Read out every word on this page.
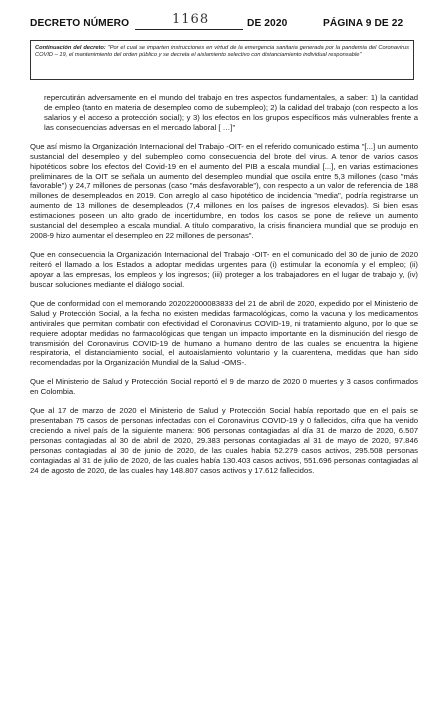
DECRETO NÚMERO	1168	DE 2020	PÁGINA 9 DE 22
Continuación del decreto: "Por el cual se imparten instrucciones en virtud de la emergencia sanitaria generada por la pandemia del Coronavirus COVID – 19, el mantenimiento del orden público y se decreta el aislamiento selectivo con distanciamiento individual responsable"

repercutirán adversamente en el mundo del trabajo en tres aspectos fundamentales, a saber: 1) la cantidad de empleo (tanto en materia de desempleo como de subempleo); 2) la calidad del trabajo (con respecto a los salarios y el acceso a protección social); y 3) los efectos en los grupos específicos más vulnerables frente a las consecuencias adversas en el mercado laboral [ …]"

Que así mismo la Organización Internacional del Trabajo -OIT- en el referido comunicado estima "[...] un aumento sustancial del desempleo y del subempleo como consecuencia del brote del virus. A tenor de varios casos hipotéticos sobre los efectos del Covid-19 en el aumento del PIB a escala mundial [...], en varias estimaciones preliminares de la OIT se señala un aumento del desempleo mundial que oscila entre 5,3 millones (caso "más favorable") y 24,7 millones de personas (caso "más desfavorable"), con respecto a un valor de referencia de 188 millones de desempleados en 2019. Con arreglo al caso hipotético de incidencia "media", podría registrarse un aumento de 13 millones de desempleados (7,4 millones en los países de ingresos elevados). Si bien esas estimaciones poseen un alto grado de incertidumbre, en todos los casos se pone de relieve un aumento sustancial del desempleo a escala mundial. A título comparativo, la crisis financiera mundial que se produjo en 2008-9 hizo aumentar el desempleo en 22 millones de personas".

Que en consecuencia la Organización Internacional del Trabajo -OIT- en el comunicado del 30 de junio de 2020 reiteró el llamado a los Estados a adoptar medidas urgentes para (i) estimular la economía y el empleo; (ii) apoyar a las empresas, los empleos y los ingresos; (iii) proteger a los trabajadores en el lugar de trabajo y, (iv) buscar soluciones mediante el diálogo social.

Que de conformidad con el memorando 202022000083833 del 21 de abril de 2020, expedido por el Ministerio de Salud y Protección Social, a la fecha no existen medidas farmacológicas, como la vacuna y los medicamentos antivirales que permitan combatir con efectividad el Coronavirus COVID-19, ni tratamiento alguno, por lo que se requiere adoptar medidas no farmacológicas que tengan un impacto importante en la disminución del riesgo de transmisión del Coronavirus COVID-19 de humano a humano dentro de las cuales se encuentra la higiene respiratoria, el distanciamiento social, el autoaislamiento voluntario y la cuarentena, medidas que han sido recomendadas por la Organización Mundial de la Salud -OMS-.

Que el Ministerio de Salud y Protección Social reportó el 9 de marzo de 2020 0 muertes y 3 casos confirmados en Colombia.

Que al 17 de marzo de 2020 el Ministerio de Salud y Protección Social había reportado que en el país se presentaban 75 casos de personas infectadas con el Coronavirus COVID-19 y 0 fallecidos, cifra que ha venido creciendo a nivel país de la siguiente manera: 906 personas contagiadas al día 31 de marzo de 2020, 6.507 personas contagiadas al 30 de abril de 2020, 29.383 personas contagiadas al 31 de mayo de 2020, 97.846 personas contagiadas al 30 de junio de 2020, de las cuales había 52.279 casos activos, 295.508 personas contagiadas al 31 de julio de 2020, de las cuales había 130.403 casos activos, 551.696 personas contagiadas al 24 de agosto de 2020, de las cuales hay 148.807 casos activos y 17.612 fallecidos.
